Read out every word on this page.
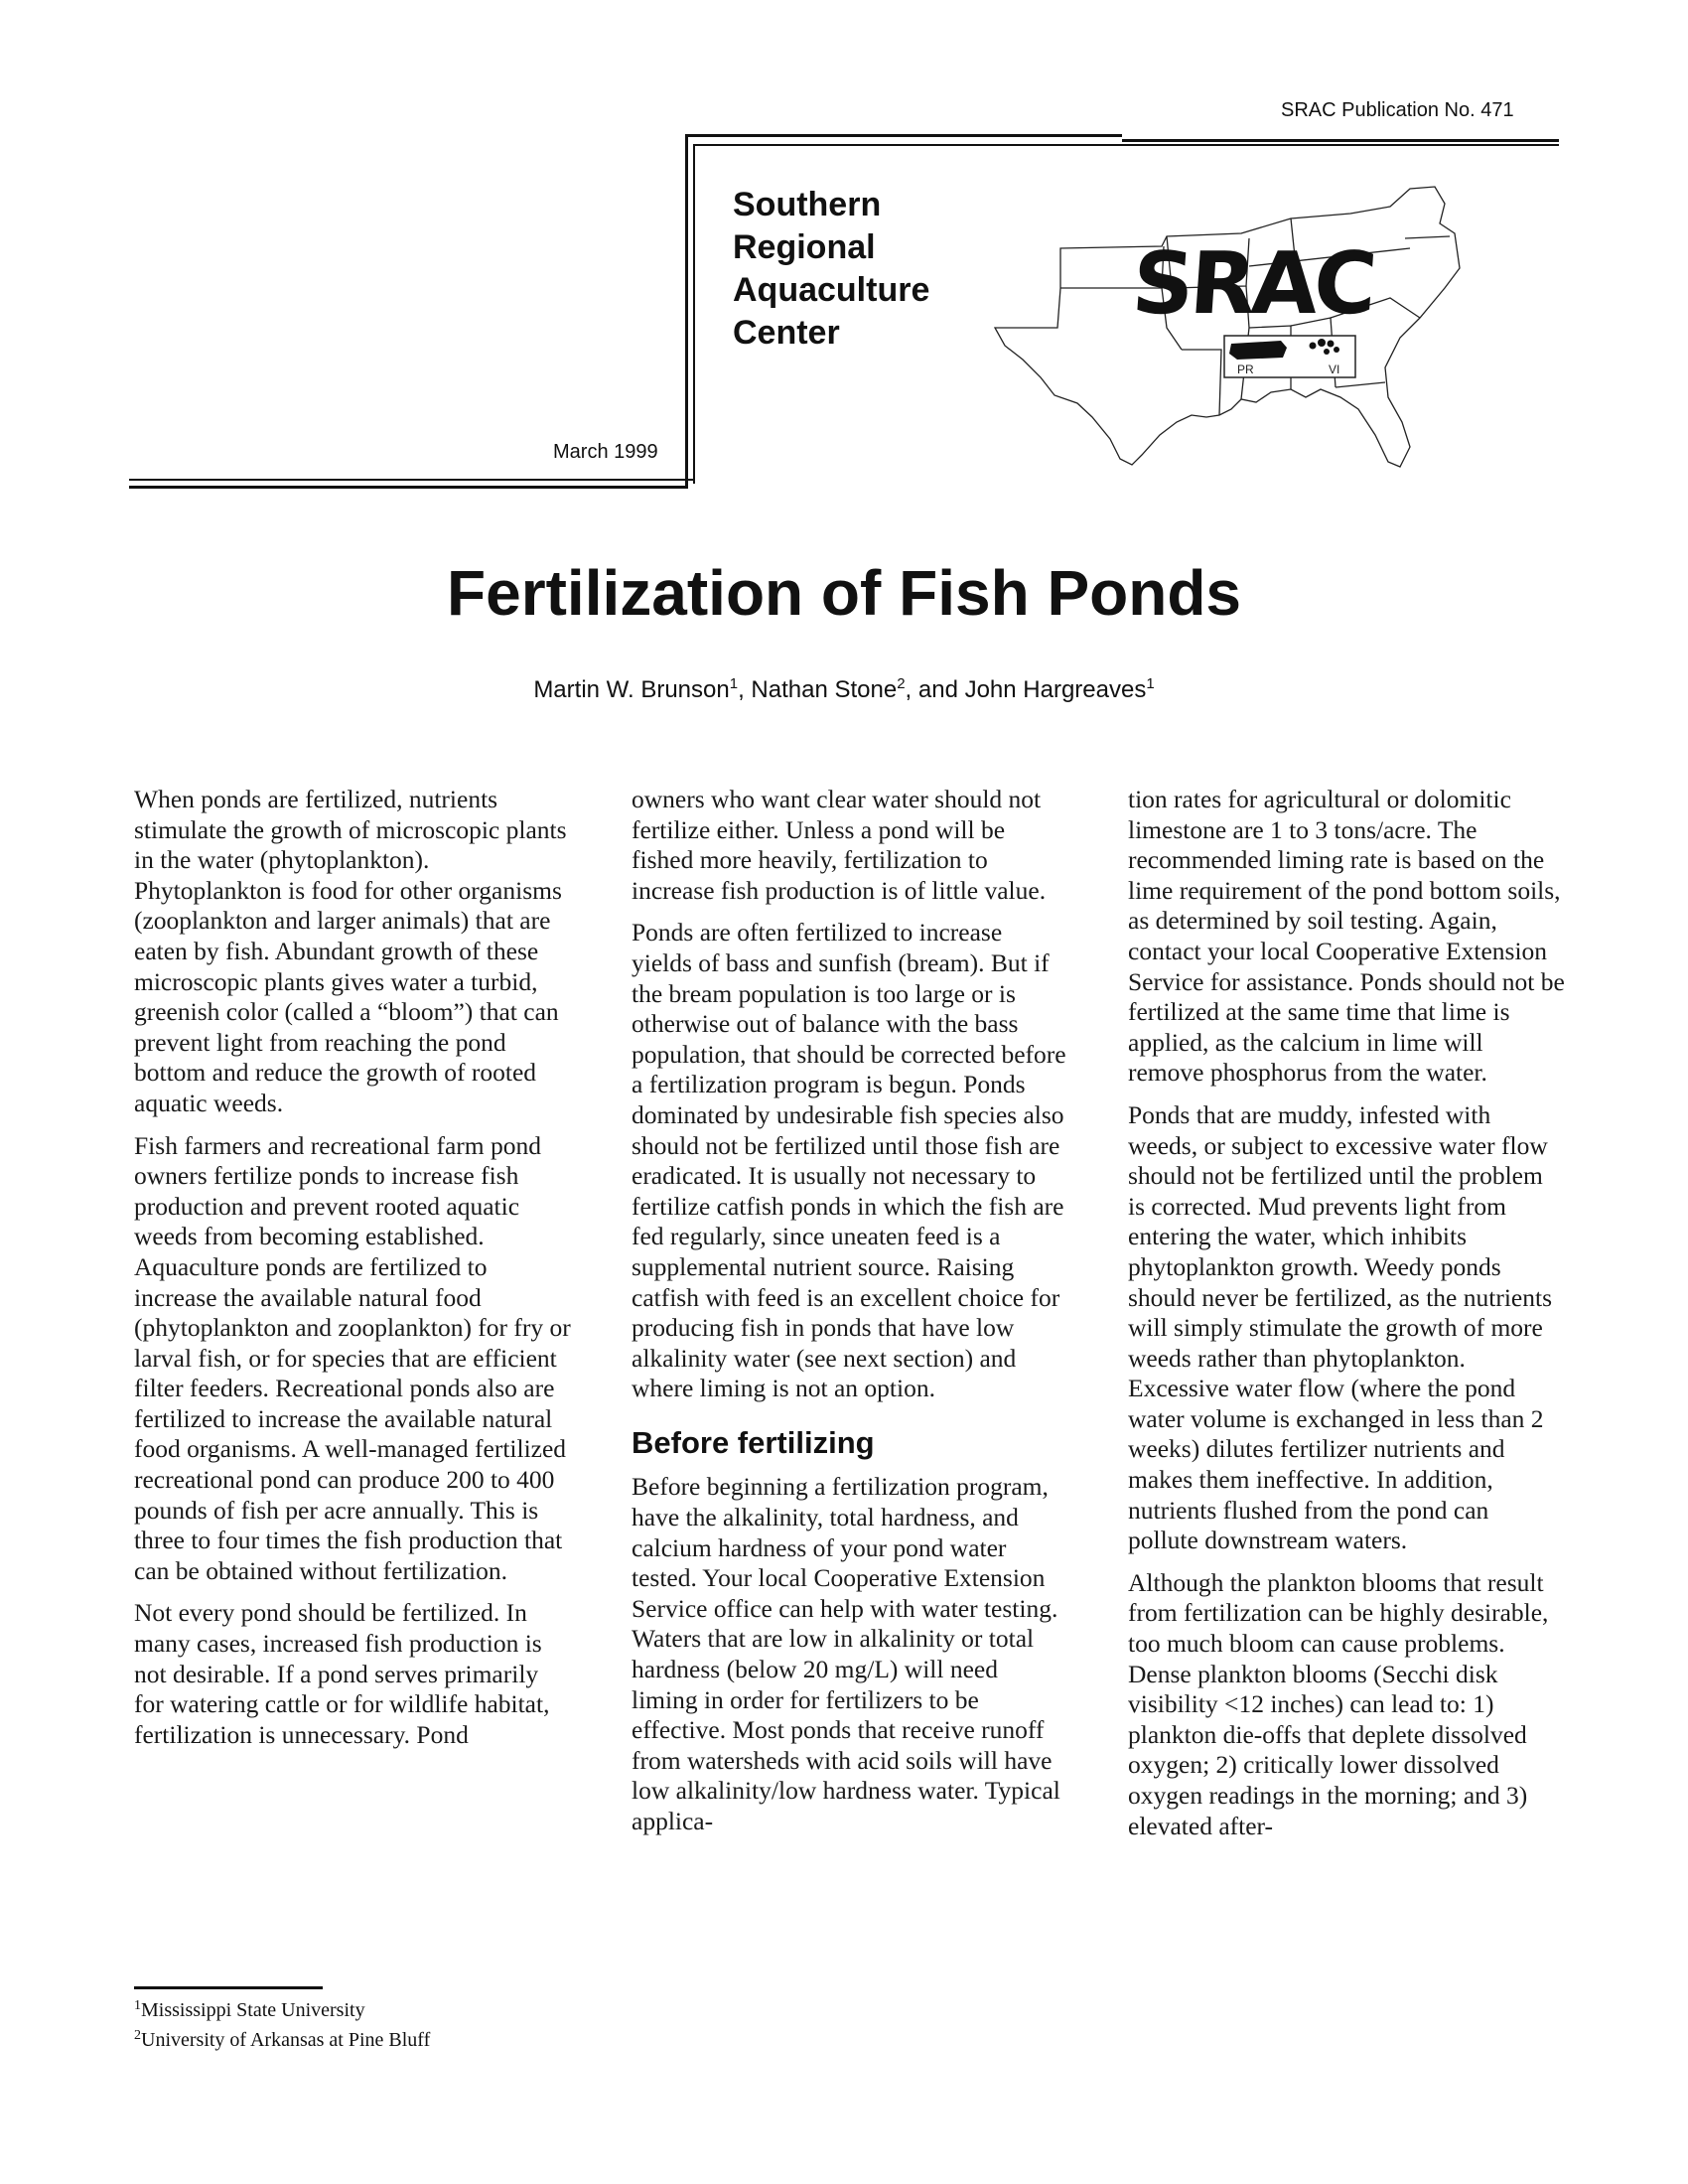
SRAC Publication No. 471
Southern
Regional
Aquaculture
Center
March 1999
SRAC
PR	VI
Fertilization of Fish Ponds
Martin W. Brunson$^1$, Nathan Stone$^2$, and John Hargreaves$^1$

When ponds are fertilized, nutrients stimulate the growth of microscopic plants in the water (phytoplankton). Phytoplankton is food for other organisms (zooplankton and larger animals) that are eaten by fish. Abundant growth of these microscopic plants gives water a turbid, greenish color (called a “bloom”) that can prevent light from reaching the pond bottom and reduce the growth of rooted aquatic weeds.

Fish farmers and recreational farm pond owners fertilize ponds to increase fish production and prevent rooted aquatic weeds from becoming established. Aquaculture ponds are fertilized to increase the available natural food (phytoplankton and zooplankton) for fry or larval fish, or for species that are efficient filter feeders. Recreational ponds also are fertilized to increase the available natural food organisms. A well-managed fertilized recreational pond can produce 200 to 400 pounds of fish per acre annually. This is three to four times the fish production that can be obtained without fertilization.

Not every pond should be fertilized. In many cases, increased fish production is not desirable. If a pond serves primarily for watering cattle or for wildlife habitat, fertilization is unnecessary. Pond

owners who want clear water should not fertilize either. Unless a pond will be fished more heavily, fertilization to increase fish production is of little value.

Ponds are often fertilized to increase yields of bass and sunfish (bream). But if the bream population is too large or is otherwise out of balance with the bass population, that should be corrected before a fertilization program is begun. Ponds dominated by undesirable fish species also should not be fertilized until those fish are eradicated. It is usually not necessary to fertilize catfish ponds in which the fish are fed regularly, since uneaten feed is a supplemental nutrient source. Raising catfish with feed is an excellent choice for producing fish in ponds that have low alkalinity water (see next section) and where liming is not an option.

Before fertilizing

Before beginning a fertilization program, have the alkalinity, total hardness, and calcium hardness of your pond water tested. Your local Cooperative Extension Service office can help with water testing. Waters that are low in alkalinity or total hardness (below 20 mg/L) will need liming in order for fertilizers to be effective. Most ponds that receive runoff from watersheds with acid soils will have low alkalinity/low hardness water. Typical applica-

tion rates for agricultural or dolomitic limestone are 1 to 3 tons/acre. The recommended liming rate is based on the lime requirement of the pond bottom soils, as determined by soil testing. Again, contact your local Cooperative Extension Service for assistance. Ponds should not be fertilized at the same time that lime is applied, as the calcium in lime will remove phosphorus from the water.

Ponds that are muddy, infested with weeds, or subject to excessive water flow should not be fertilized until the problem is corrected. Mud prevents light from entering the water, which inhibits phytoplankton growth. Weedy ponds should never be fertilized, as the nutrients will simply stimulate the growth of more weeds rather than phytoplankton. Excessive water flow (where the pond water volume is exchanged in less than 2 weeks) dilutes fertilizer nutrients and makes them ineffective. In addition, nutrients flushed from the pond can pollute downstream waters.

Although the plankton blooms that result from fertilization can be highly desirable, too much bloom can cause problems. Dense plankton blooms (Secchi disk visibility <12 inches) can lead to: 1) plankton die-offs that deplete dissolved oxygen; 2) critically lower dissolved oxygen readings in the morning; and 3) elevated after-

$^1$Mississippi State University
$^2$University of Arkansas at Pine Bluff
